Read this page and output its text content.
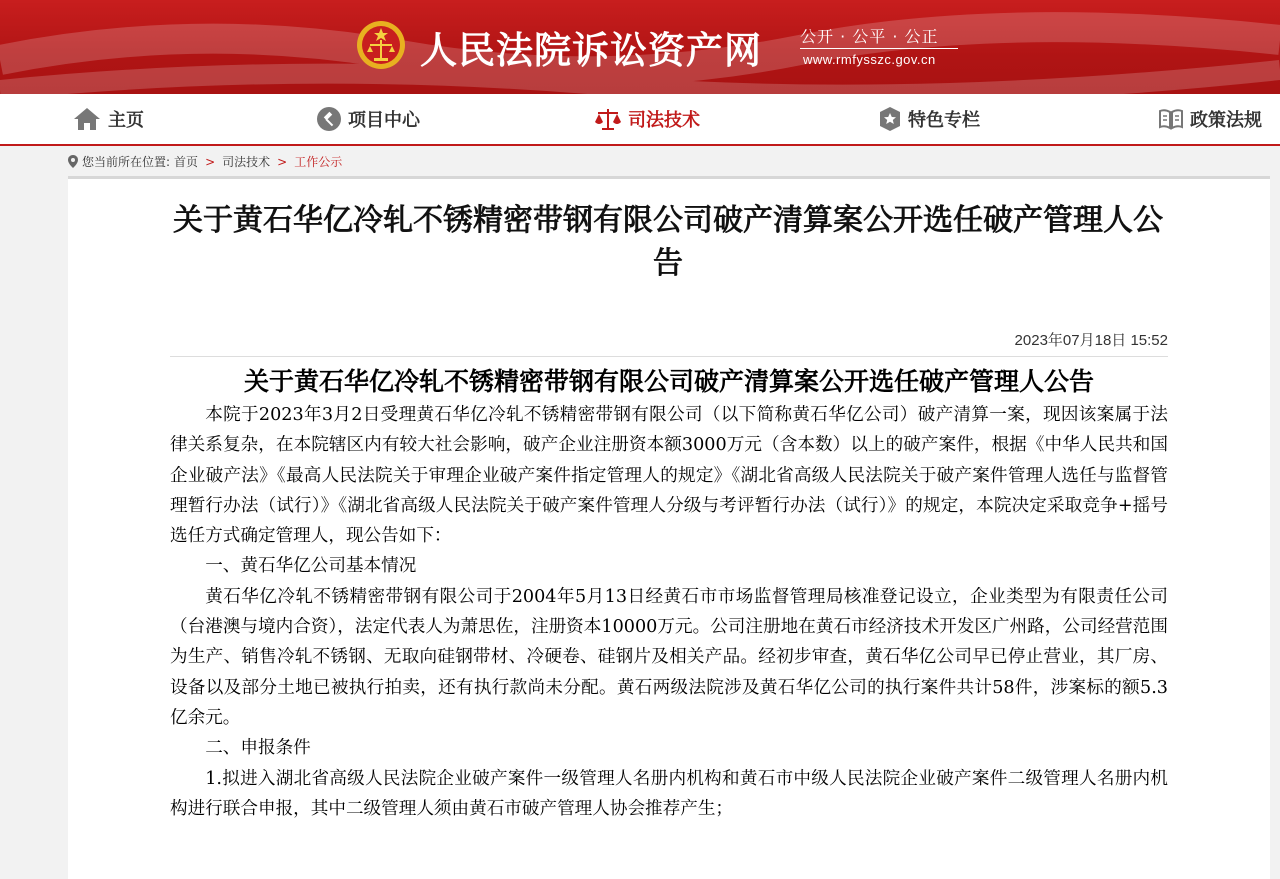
人民法院诉讼资产网 公开 · 公平 · 公正
www.rmfysszc.gov.cn
主页	项目中心	司法技术	特色专栏	政策法规
您当前所在位置: 首页 > 司法技术 > 工作公示
关于黄石华亿冷轧不锈精密带钢有限公司破产清算案公开选任破产管理人公告
2023年07月18日 15:52
关于黄石华亿冷轧不锈精密带钢有限公司破产清算案公开选任破产管理人公告

本院于2023年3月2日受理黄石华亿冷轧不锈精密带钢有限公司（以下简称黄石华亿公司）破产清算一案，现因该案属于法律关系复杂，在本院辖区内有较大社会影响，破产企业注册资本额3000万元（含本数）以上的破产案件，根据《中华人民共和国企业破产法》《最高人民法院关于审理企业破产案件指定管理人的规定》《湖北省高级人民法院关于破产案件管理人选任与监督管理暂行办法（试行）》《湖北省高级人民法院关于破产案件管理人分级与考评暂行办法（试行）》的规定，本院决定采取竞争+摇号选任方式确定管理人，现公告如下：

一、黄石华亿公司基本情况

黄石华亿冷轧不锈精密带钢有限公司于2004年5月13日经黄石市市场监督管理局核准登记设立，企业类型为有限责任公司（台港澳与境内合资），法定代表人为萧思佐，注册资本10000万元。公司注册地在黄石市经济技术开发区广州路，公司经营范围为生产、销售冷轧不锈钢、无取向硅钢带材、冷硬卷、硅钢片及相关产品。经初步审查，黄石华亿公司早已停止营业，其厂房、设备以及部分土地已被执行拍卖，还有执行款尚未分配。黄石两级法院涉及黄石华亿公司的执行案件共计58件，涉案标的额5.3亿余元。

二、申报条件

1.拟进入湖北省高级人民法院企业破产案件一级管理人名册内机构和黄石市中级人民法院企业破产案件二级管理人名册内机构进行联合申报，其中二级管理人须由黄石市破产管理人协会推荐产生；
